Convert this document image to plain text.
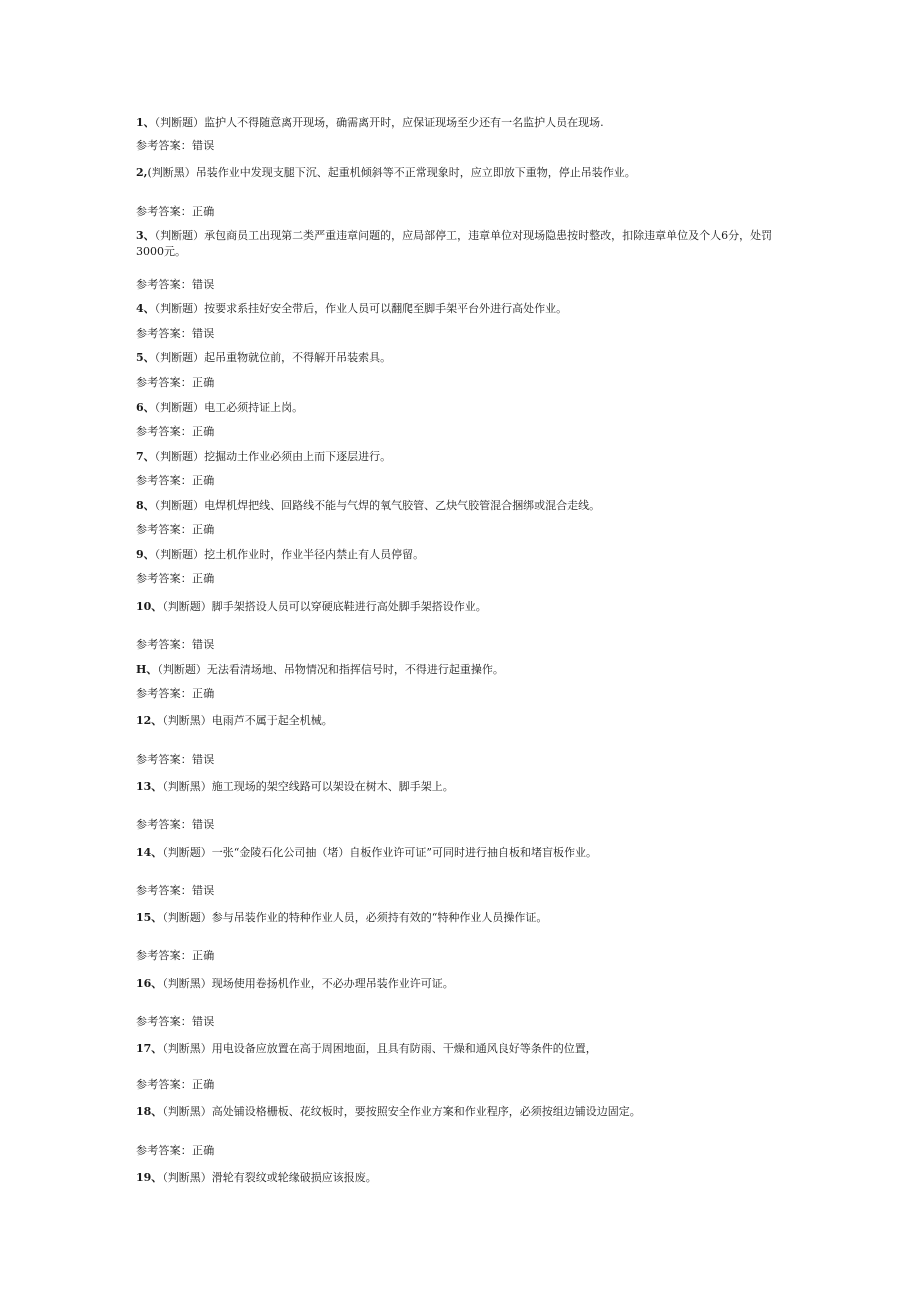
1、（判断题）监护人不得随意离开现场，确需离开时，应保证现场至少还有一名监护人员在现场.
参考答案：错误
2,(判断黑）吊装作业中发现支腿下沉、起重机倾斜等不正常现象时，应立即放下重物，停止吊装作业。
参考答案：正确
3、（判断题）承包商员工出现第二类严重违章问题的，应局部停工，违章单位对现场隐患按时整改，扣除违章单位及个人6分，处罚3000元。
参考答案：错误
4、（判断题）按要求系挂好安全带后，作业人员可以翻爬至脚手架平台外进行高处作业。
参考答案：错误
5、（判断题）起吊重物就位前，不得解开吊装索具。
参考答案：正确
6、（判断题）电工必须持证上岗。
参考答案：正确
7、（判断题）挖掘动土作业必须由上而下逐层进行。
参考答案：正确
8、（判断题）电焊机焊把线、回路线不能与气焊的氧气胶管、乙炔气胶管混合捆绑或混合走线。
参考答案：正确
9、（判断题）挖土机作业时，作业半径内禁止有人员停留。
参考答案：正确
10、（判断题）脚手架搭设人员可以穿硬底鞋进行高处脚手架搭设作业。
参考答案：错误
H、（判断题）无法看清场地、吊物情况和指挥信号时，不得进行起重操作。
参考答案：正确
12、（判断黑）电雨芦不属于起全机械。
参考答案：错误
13、（判断黑）施工现场的架空线路可以架设在树木、脚手架上。
参考答案：错误
14、（判断题）一张“金陵石化公司抽（堵）自板作业许可证”可同时进行抽自板和堵盲板作业。
参考答案：错误
15、（判断题）参与吊装作业的特种作业人员，必须持有效的“特种作业人员操作证。
参考答案：正确
16、（判断黑）现场使用卷扬机作业，不必办理吊装作业许可证。
参考答案：错误
17、（判断黑）用电设备应放置在高于周困地面，且具有防雨、干燥和通风良好等条件的位置，
参考答案：正确
18、（判断黑）高处铺设格栅板、花纹板时，要按照安全作业方案和作业程序，必须按组边铺设边固定。
参考答案：正确
19、（判断黑）滑轮有裂纹或轮缘破损应该报废。
